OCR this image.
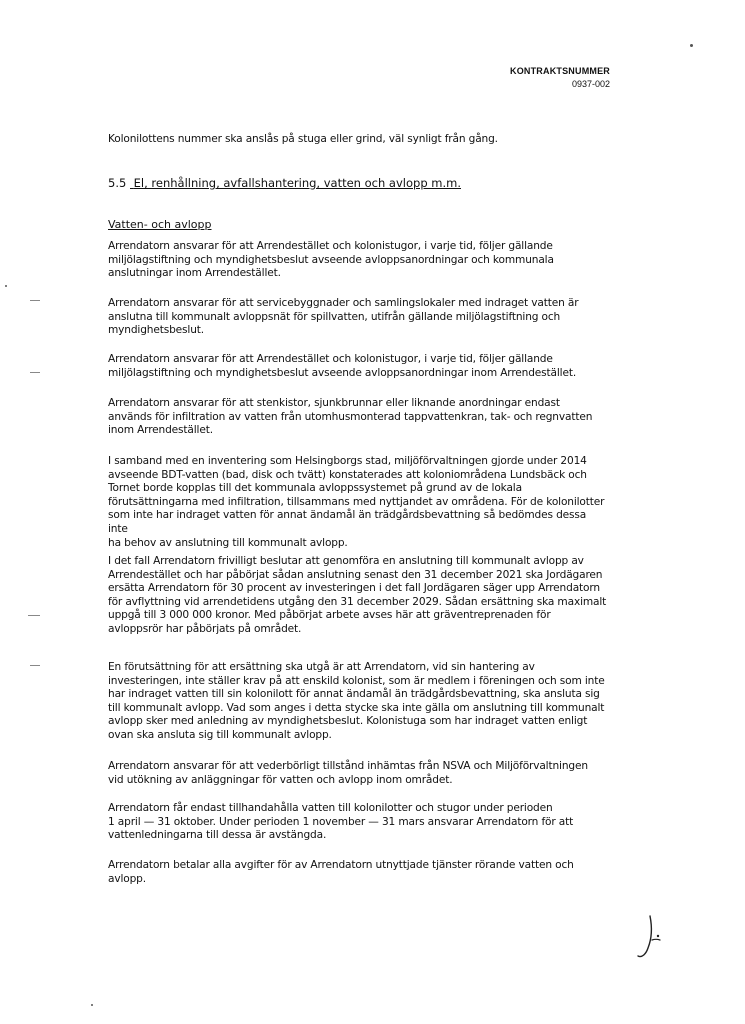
KONTRAKTSNUMMER
0937-002

Kolonilottens nummer ska anslås på stuga eller grind, väl synligt från gång.

5.5 El, renhållning, avfallshantering, vatten och avlopp m.m.
Vatten- och avlopp
Arrendatorn ansvarar för att Arrendestället och kolonistugor, i varje tid, följer gällande
miljölagstiftning och myndighetsbeslut avseende avloppsanordningar och kommunala
anslutningar inom Arrendestället.
Arrendatorn ansvarar för att servicebyggnader och samlingslokaler med indraget vatten är
anslutna till kommunalt avloppsnät för spillvatten, utifrån gällande miljölagstiftning och
myndighetsbeslut.
Arrendatorn ansvarar för att Arrendestället och kolonistugor, i varje tid, följer gällande
miljölagstiftning och myndighetsbeslut avseende avloppsanordningar inom Arrendestället.
Arrendatorn ansvarar för att stenkistor, sjunkbrunnar eller liknande anordningar endast
används för infiltration av vatten från utomhusmonterad tappvattenkran, tak- och regnvatten
inom Arrendestället.
I samband med en inventering som Helsingborgs stad, miljöförvaltningen gjorde under 2014
avseende BDT-vatten (bad, disk och tvätt) konstaterades att koloniområdena Lundsbäck och
Tornet borde kopplas till det kommunala avloppssystemet på grund av de lokala
förutsättningarna med infiltration, tillsammans med nyttjandet av områdena. För de kolonilotter
som inte har indraget vatten för annat ändamål än trädgårdsbevattning så bedömdes dessa inte
ha behov av anslutning till kommunalt avlopp.
I det fall Arrendatorn frivilligt beslutar att genomföra en anslutning till kommunalt avlopp av
Arrendestället och har påbörjat sådan anslutning senast den 31 december 2021 ska Jordägaren
ersätta Arrendatorn för 30 procent av investeringen i det fall Jordägaren säger upp Arrendatorn
för avflyttning vid arrendetidens utgång den 31 december 2029. Sådan ersättning ska maximalt
uppgå till 3 000 000 kronor. Med påbörjat arbete avses här att gräventreprenaden för
avloppsrör har påbörjats på området.
En förutsättning för att ersättning ska utgå är att Arrendatorn, vid sin hantering av
investeringen, inte ställer krav på att enskild kolonist, som är medlem i föreningen och som inte
har indraget vatten till sin kolonilott för annat ändamål än trädgårdsbevattning, ska ansluta sig
till kommunalt avlopp. Vad som anges i detta stycke ska inte gälla om anslutning till kommunalt
avlopp sker med anledning av myndighetsbeslut. Kolonistuga som har indraget vatten enligt
ovan ska ansluta sig till kommunalt avlopp.
Arrendatorn ansvarar för att vederbörligt tillstånd inhämtas från NSVA och Miljöförvaltningen
vid utökning av anläggningar för vatten och avlopp inom området.
Arrendatorn får endast tillhandahålla vatten till kolonilotter och stugor under perioden
1 april — 31 oktober. Under perioden 1 november — 31 mars ansvarar Arrendatorn för att
vattenledningarna till dessa är avstängda.
Arrendatorn betalar alla avgifter för av Arrendatorn utnyttjade tjänster rörande vatten och
avlopp.
